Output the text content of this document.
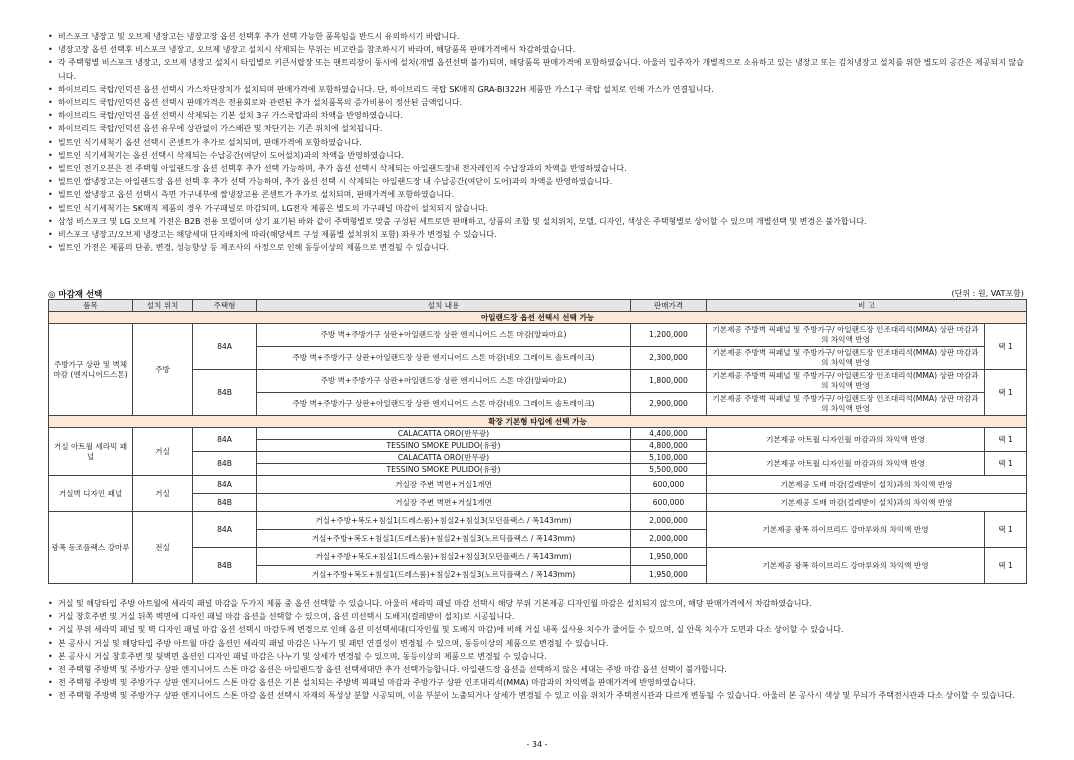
• 비스포크 냉장고 및 오브제 냉장고는 냉장고장 옵션 선택후 추가 선택 가능한 품목임을 반드시 유의하시기 바랍니다.
• 냉장고장 옵션 선택후 비스포크 냉장고, 오브제 냉장고 설치시 삭제되는 부위는 비고란을 참조하시기 바라며, 해당품목 판매가격에서 차감하였습니다.
• 각 주택형별 비스포크 냉장고, 오브제 냉장고 설치시 타입별로 키큰서랍장 또는 팬트리장이 동시에 설치(개별 옵션선택 불가)되며, 해당품목 판매가격에 포함하였습니다. 아울러 입주자가 개별적으로 소유하고 있는 냉장고 또는 김치냉장고 설치를 위한 별도의 공간은 제공되지 않습니다.
• 하이브리드 쿡탑/인덕션 옵션 선택시 가스차단장치가 설치되며 판매가격에 포함하였습니다. 단, 하이브리드 쿡탑 SK매직 GRA-BI322H 제품만 가스1구 쿡탑 설치로 인해 가스가 연결됩니다.
• 하이브리드 쿡탑/인덕션 옵션 선택시 판매가격은 전용회로와 관련된 추가 설치품목의 증가비용이 정산된 금액입니다.
• 하이브리드 쿡탑/인덕션 옵션 선택시 삭제되는 기본 설치 3구 가스쿡탑과의 차액을 반영하였습니다.
• 하이브리드 쿡탑/인덕션 옵션 유무에 상관없이 가스배관 및 차단기는 기존 위치에 설치됩니다.
• 빌트인 식기세척기 옵션 선택시 콘센트가 추가로 설치되며, 판매가격에 포함하였습니다.
• 빌트인 식기세척기는 옵션 선택시 삭제되는 수납공간(여닫이 도어설치)과의 차액을 반영하였습니다.
• 빌트인 전기오븐은 전 주택형 아일랜드장 옵션 선택후 추가 선택 가능하며, 추가 옵션 선택시 삭제되는 아일랜드장내 전자레인지 수납장과의 차액을 반영하였습니다.
• 빌트인 쌀냉장고는 아일랜드장 옵션 선택 후 추가 선택 가능하며, 추가 옵션 선택 시 삭제되는 아일랜드장 내 수납공간(여닫이 도어)과의 차액을 반영하였습니다.
• 빌트인 쌀냉장고 옵션 선택시 측면 가구내부에 쌀냉장고용 콘센트가 추가로 설치되며, 판매가격에 포함하였습니다.
• 빌트인 식기세척기는 SK매직 제품의 경우 가구패널로 마감되며, LG전자 제품은 별도의 가구패널 마감이 설치되지 않습니다.
• 삼성 비스포크 및 LG 오브제 가전은 B2B 전용 모델이며 상기 표기된 바와 같이 주택형별로 맞춤 구성된 세트로만 판매하고, 상품의 조합 및 설치위치, 모델, 디자인, 색상은 주택형별로 상이할 수 있으며 개별선택 및 변경은 불가합니다.
• 비스포크 냉장고/오브제 냉장고는 해당세대 단지배치에 따라(해당세트 구성 제품별 설치위치 포함) 좌우가 변경될 수 있습니다.
• 빌트인 가전은 제품의 단종, 변경, 성능향상 등 제조사의 사정으로 인해 동등이상의 제품으로 변경될 수 있습니다.
◎ 마감재 선택	(단위 : 원, VAT포함)
품목	설치 위치	주택형	설치 내용	판매가격	비 고	
아일랜드장 옵션 선택시 선택 가능						
주방가구 상판 및 벽체마감 (엔지니어드스톤)	주방	84A	주방 벽+주방가구 상판+아일랜드장 상판 엔지니어드 스톤 마감(알파마요)	1,200,000	기본제공 주방벽 픽패널 및 주방가구/ 아일랜드장 인조대리석(MMA) 상판 마감과의 차익액 반영	택 1
			주방 벽+주방가구 상판+아일랜드장 상판 엔지니어드 스톤 마감(네오 그레이트 솔트레이크)	2,300,000	기본제공 주방벽 픽패널 및 주방가구/ 아일랜드장 인조대리석(MMA) 상판 마감과의 차익액 반영	
		84B	주방 벽+주방가구 상판+아일랜드장 상판 엔지니어드 스톤 마감(알파마요)	1,800,000	기본제공 주방벽 픽패널 및 주방가구/ 아일랜드장 인조대리석(MMA) 상판 마감과의 차익액 반영	택 1
			주방 벽+주방가구 상판+아일랜드장 상판 엔지니어드 스톤 마감(네오 그레이트 솔트레이크)	2,900,000	기본제공 주방벽 픽패널 및 주방가구/ 아일랜드장 인조대리석(MMA) 상판 마감과의 차익액 반영	
확장 기본형 타입에 선택 가능						
거실 아트월 세라믹 패널	거실	84A	CALACATTA ORO(반무광)	4,400,000	기본제공 아트월 디자인월 마감과의 차익액 반영	택 1
			TESSINO SMOKE PULIDO(유광)	4,800,000		
		84B	CALACATTA ORO(반무광)	5,100,000	기본제공 아트월 디자인월 마감과의 차익액 반영	택 1
			TESSINO SMOKE PULIDO(유광)	5,500,000		
거실벽 디자인 패널	거실	84A	거실장 주변 벽면+거실1개면	600,000	기본제공 도배 마감(걸레받이 설치)과의 차익액 반영	
		84B	거실장 주변 벽면+거실1개면	600,000	기본제공 도배 마감(걸레받이 설치)과의 차익액 반영	
광폭 동조플랙스 강마루	전실	84A	거실+주방+복도+침실1(드레스룸)+침실2+침실3(모던플랙스 / 폭143mm)	2,000,000	기본제공 광폭 하이브리드 강마루와의 차익액 반영	택 1
			거실+주방+복도+침실1(드레스룸)+침실2+침실3(노르딕플랙스 / 폭143mm)	2,000,000		
		84B	거실+주방+복도+침실1(드레스룸)+침실2+침실3(모던플랙스 / 폭143mm)	1,950,000	기본제공 광폭 하이브리드 강마루와의 차익액 반영	택 1
			거실+주방+복도+침실1(드레스룸)+침실2+침실3(노르딕플랙스 / 폭143mm)	1,950,000		
• 거실 및 해당타입 주방 아트월에 세라믹 패널 마감을 두가지 제품 중 옵션 선택할 수 있습니다. 아울러 세라믹 패널 마감 선택시 해당 부위 기본제공 디자인월 마감은 설치되지 않으며, 해당 판매가격에서 차감하였습니다.
• 거실 창호주변 및 거실 뒤쪽 벽면에 디자인 패널 마감 옵션을 선택할 수 있으며, 옵션 미선택시 도배지(걸레받이 설치)로 시공됩니다.
• 거실 부위 세라믹 패널 및 벽 디자인 패널 마감 옵션 선택시 마감두께 변경으로 인해 옵션 미선택세대(디자인월 및 도배지 마감)에 비해 거실 내폭 실사용 치수가 줄어들 수 있으며, 실 안목 치수가 도면과 다소 상이할 수 있습니다.
• 본 공사시 거실 및 해당타입 주방 아트월 마감 옵션인 세라믹 패널 마감은 나누기 및 패턴 연결성이 변경될 수 있으며, 동등이상의 제품으로 변경될 수 있습니다.
• 본 공사시 거실 창호주변 및 뒷벽면 옵션인 디자인 패널 마감은 나누기 및 상세가 변경될 수 있으며, 동등이상의 제품으로 변경될 수 있습니다.
• 전 주택형 주방벽 및 주방가구 상판 엔지니어드 스톤 마감 옵션은 아일랜드장 옵션 선택세대만 추가 선택가능합니다. 아일랜드장 옵션을 선택하지 않은 세대는 주방 마감 옵션 선택이 불가합니다.
• 전 주택형 주방벽 및 주방가구 상판 엔지니어드 스톤 마감 옵션은 기본 설치되는 주방벽 픽패널 마감과 주방가구 상판 인조대리석(MMA) 마감과의 차익액을 판매가격에 반영하였습니다.
• 전 주택형 주방벽 및 주방가구 상판 엔지니어드 스톤 마감 옵션 선택시 자재의 특성상 분할 시공되며, 이음 부분이 노출되거나 상세가 변경될 수 있고 이음 위치가 주택전시관과 다르게 변동될 수 있습니다. 아울러 본 공사시 색상 및 무늬가 주택전시관과 다소 상이할 수 있습니다.
- 34 -
